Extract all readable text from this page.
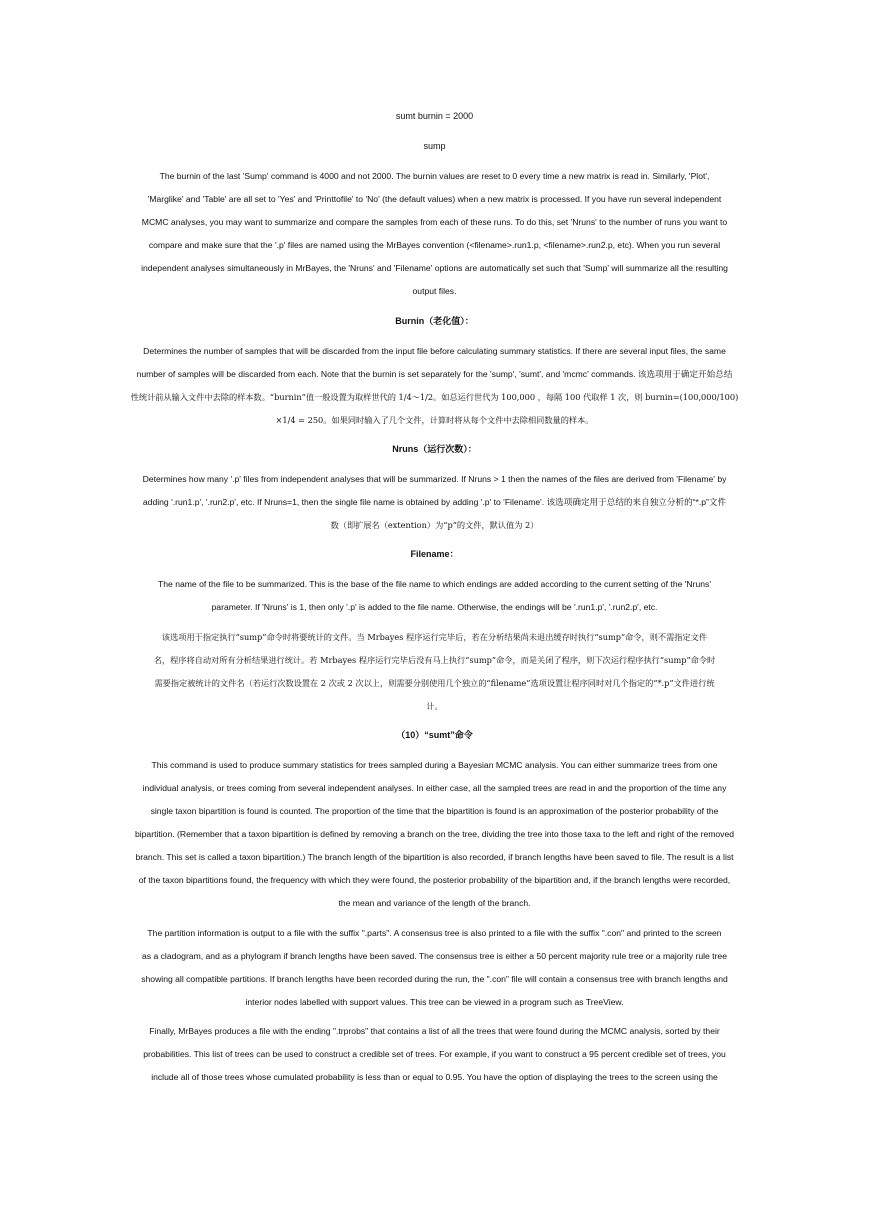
sumt burnin = 2000
sump
The burnin of the last 'Sump' command is 4000 and not 2000. The burnin values are reset to 0 every time a new matrix is read in. Similarly, 'Plot',
'Marglike' and 'Table' are all set to 'Yes' and 'Printtofile' to 'No' (the default values) when a new matrix is processed. If you have run several independent
MCMC analyses, you may want to summarize and compare the samples from each of these runs. To do this, set 'Nruns' to the number of runs you want to
compare and make sure that the '.p' files are named using the MrBayes convention (<filename>.run1.p, <filename>.run2.p, etc). When you run several
independent analyses simultaneously in MrBayes, the 'Nruns' and 'Filename' options are automatically set such that 'Sump' will summarize all the resulting
output files.
Burnin（老化值）：
Determines the number of samples that will be discarded from the input file before calculating summary statistics. If there are several input files, the same
number of samples will be discarded from each. Note that the burnin is set separately for the 'sump', 'sumt', and 'mcmc' commands. 该选项用于确定开始总结
性统计前从输入文件中去除的样本数。“burnin”值一般设置为取样世代的 1/4～1/2。如总运行世代为 100,000 ，每隔 100 代取样 1 次，则 burnin=(100,000/100)
×1/4 = 250。如果同时输入了几个文件，计算时将从每个文件中去除相同数量的样本。
Nruns（运行次数）：
Determines how many '.p' files from independent analyses that will be summarized. If Nruns > 1 then the names of the files are derived from 'Filename' by
adding '.run1.p', '.run2.p', etc. If Nruns=1, then the single file name is obtained by adding '.p' to 'Filename'. 该选项确定用于总结的来自独立分析的“*.p”文件
数（即扩展名（extention）为“p”的文件，默认值为 2）
Filename：
The name of the file to be summarized. This is the base of the file name to which endings are added according to the current setting of the 'Nruns'
parameter. If 'Nruns' is 1, then only '.p' is added to the file name. Otherwise, the endings will be '.run1.p', '.run2.p', etc.
该选项用于指定执行“sump”命令时将要统计的文件。当 Mrbayes 程序运行完毕后，若在分析结果尚未退出缓存时执行“sump”命令，则不需指定文件
名，程序将自动对所有分析结果进行统计。若 Mrbayes 程序运行完毕后没有马上执行“sump”命令，而是关闭了程序，则下次运行程序执行“sump”命令时
需要指定被统计的文件名（若运行次数设置在 2 次或 2 次以上，则需要分别使用几个独立的“filename”选项设置让程序同时对几个指定的“*.p”文件进行统
计。
（10）“sumt”命令
This command is used to produce summary statistics for trees sampled during a Bayesian MCMC analysis. You can either summarize trees from one
individual analysis, or trees coming from several independent analyses. In either case, all the sampled trees are read in and the proportion of the time any
single taxon bipartition is found is counted. The proportion of the time that the bipartition is found is an approximation of the posterior probability of the
bipartition. (Remember that a taxon bipartition is defined by removing a branch on the tree, dividing the tree into those taxa to the left and right of the removed
branch. This set is called a taxon bipartition.) The branch length of the bipartition is also recorded, if branch lengths have been saved to file. The result is a list
of the taxon bipartitions found, the frequency with which they were found, the posterior probability of the bipartition and, if the branch lengths were recorded,
the mean and variance of the length of the branch.
The partition information is output to a file with the suffix ".parts". A consensus tree is also printed to a file with the suffix ".con" and printed to the screen
as a cladogram, and as a phylogram if branch lengths have been saved. The consensus tree is either a 50 percent majority rule tree or a majority rule tree
showing all compatible partitions. If branch lengths have been recorded during the run, the ".con" file will contain a consensus tree with branch lengths and
interior nodes labelled with support values. This tree can be viewed in a program such as TreeView.
Finally, MrBayes produces a file with the ending ".trprobs" that contains a list of all the trees that were found during the MCMC analysis, sorted by their
probabilities. This list of trees can be used to construct a credible set of trees. For example, if you want to construct a 95 percent credible set of trees, you
include all of those trees whose cumulated probability is less than or equal to 0.95. You have the option of displaying the trees to the screen using the
